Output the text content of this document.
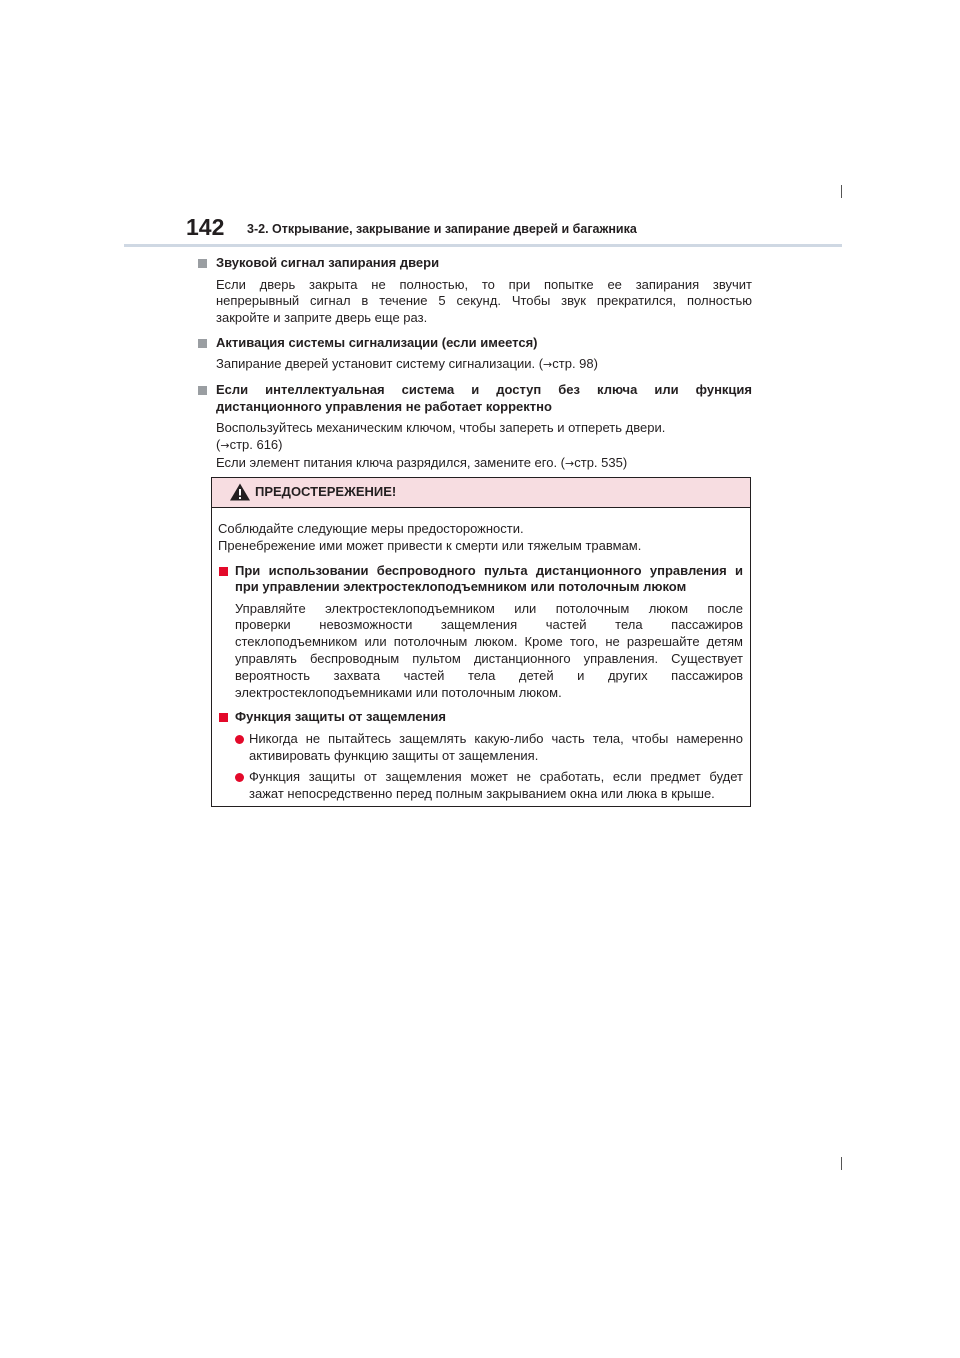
142 3-2. Открывание, закрывание и запирание дверей и багажника
Звуковой сигнал запирания двери
Если дверь закрыта не полностью, то при попытке ее запирания звучит
непрерывный сигнал в течение 5 секунд. Чтобы звук прекратился, полностью
закройте и заприте дверь еще раз.
Активация системы сигнализации (если имеется)
Запирание дверей установит систему сигнализации. (→стр. 98)
Если интеллектуальная система и доступ без ключа или функция
дистанционного управления не работает корректно
Воспользуйтесь механическим ключом, чтобы запереть и отпереть двери.
(→стр. 616)
Если элемент питания ключа разрядился, замените его. (→стр. 535)
ПРЕДОСТЕРЕЖЕНИЕ!
Соблюдайте следующие меры предосторожности.
Пренебрежение ими может привести к смерти или тяжелым травмам.
При использовании беспроводного пульта дистанционного управления и
при управлении электростеклоподъемником или потолочным люком
Управляйте электростеклоподъемником или потолочным люком после
проверки невозможности защемления частей тела пассажиров
стеклоподъемником или потолочным люком. Кроме того, не разрешайте детям
управлять беспроводным пультом дистанционного управления. Существует
вероятность захвата частей тела детей и других пассажиров
электростеклоподъемниками или потолочным люком.
Функция защиты от защемления
Никогда не пытайтесь защемлять какую-либо часть тела, чтобы намеренно
активировать функцию защиты от защемления.
Функция защиты от защемления может не сработать, если предмет будет
зажат непосредственно перед полным закрыванием окна или люка в крыше.
